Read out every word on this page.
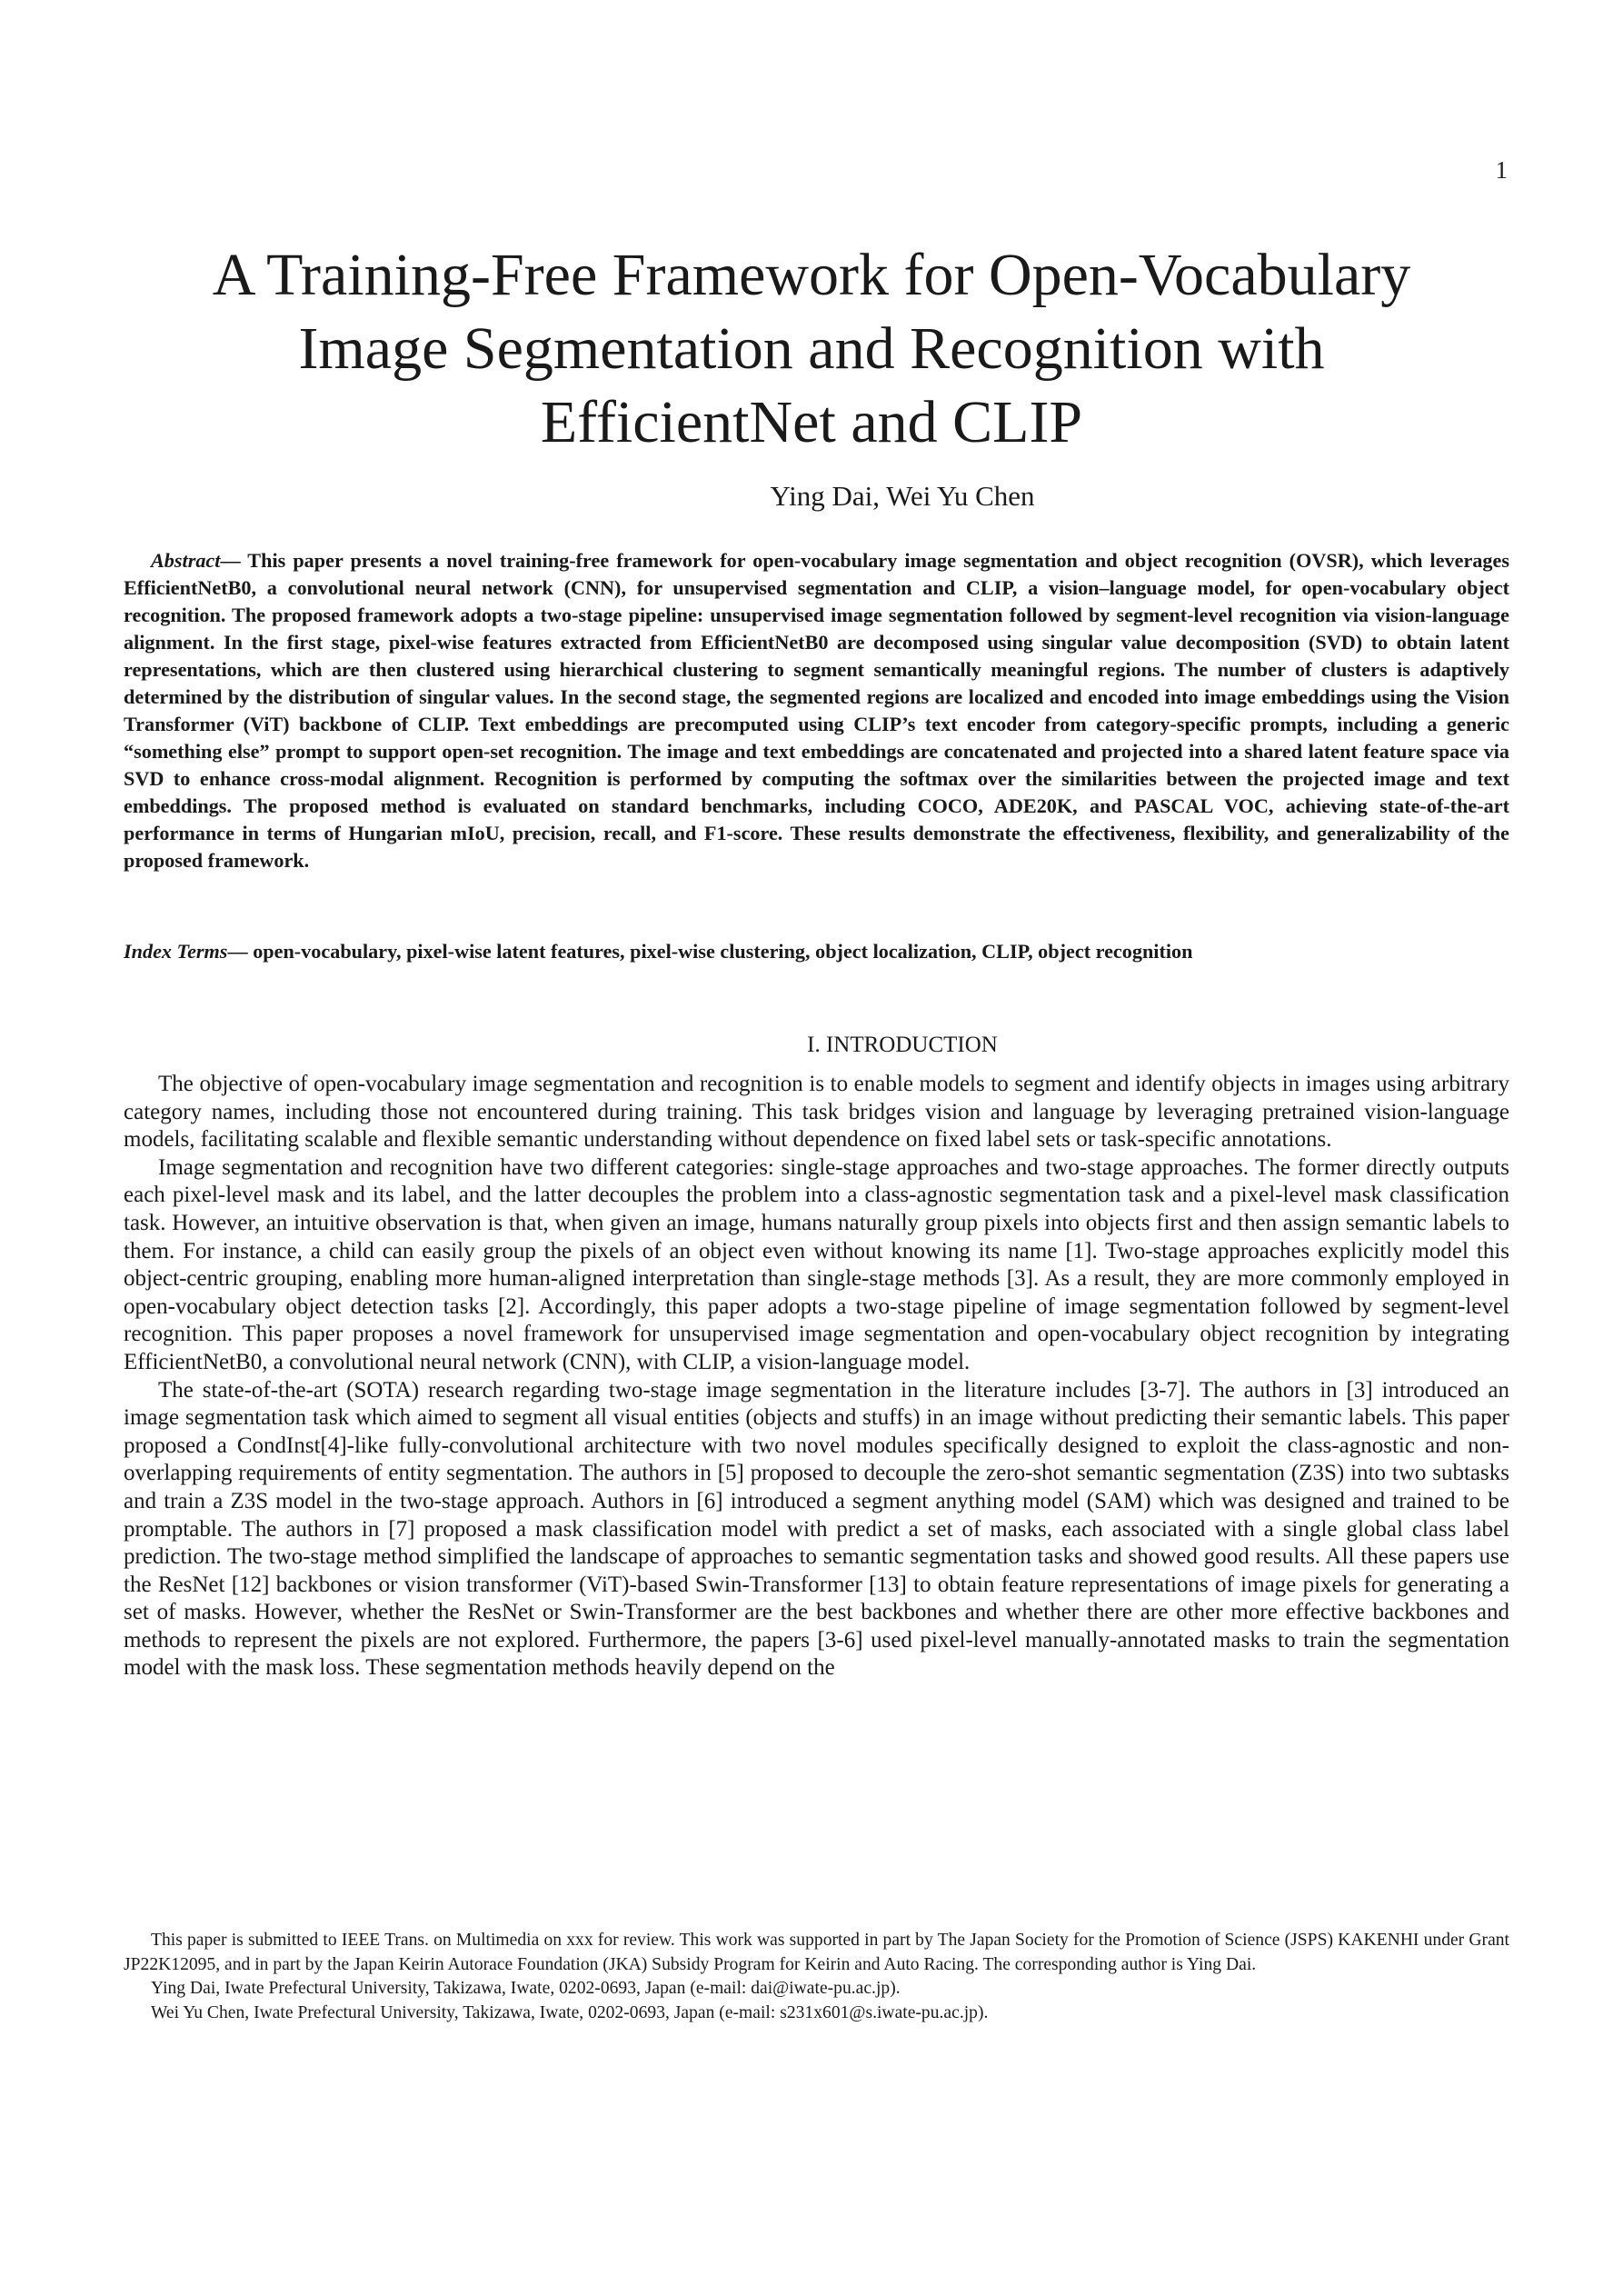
1
A Training-Free Framework for Open-Vocabulary
Image Segmentation and Recognition with
EfficientNet and CLIP
Ying Dai, Wei Yu Chen

Abstract— This paper presents a novel training-free framework for open-vocabulary image segmentation and object recognition (OVSR), which leverages EfficientNetB0, a convolutional neural network (CNN), for unsupervised segmentation and CLIP, a vision–language model, for open-vocabulary object recognition. The proposed framework adopts a two-stage pipeline: unsupervised image segmentation followed by segment-level recognition via vision-language alignment. In the first stage, pixel-wise features extracted from EfficientNetB0 are decomposed using singular value decomposition (SVD) to obtain latent representations, which are then clustered using hierarchical clustering to segment semantically meaningful regions. The number of clusters is adaptively determined by the distribution of singular values. In the second stage, the segmented regions are localized and encoded into image embeddings using the Vision Transformer (ViT) backbone of CLIP. Text embeddings are precomputed using CLIP’s text encoder from category-specific prompts, including a generic “something else” prompt to support open-set recognition. The image and text embeddings are concatenated and projected into a shared latent feature space via SVD to enhance cross-modal alignment. Recognition is performed by computing the softmax over the similarities between the projected image and text embeddings. The proposed method is evaluated on standard benchmarks, including COCO, ADE20K, and PASCAL VOC, achieving state-of-the-art performance in terms of Hungarian mIoU, precision, recall, and F1-score. These results demonstrate the effectiveness, flexibility, and generalizability of the proposed framework.

Index Terms— open-vocabulary, pixel-wise latent features, pixel-wise clustering, object localization, CLIP, object recognition

I. INTRODUCTION

The objective of open-vocabulary image segmentation and recognition is to enable models to segment and identify objects in images using arbitrary category names, including those not encountered during training. This task bridges vision and language by leveraging pretrained vision-language models, facilitating scalable and flexible semantic understanding without dependence on fixed label sets or task-specific annotations.

Image segmentation and recognition have two different categories: single-stage approaches and two-stage approaches. The former directly outputs each pixel-level mask and its label, and the latter decouples the problem into a class-agnostic segmentation task and a pixel-level mask classification task. However, an intuitive observation is that, when given an image, humans naturally group pixels into objects first and then assign semantic labels to them. For instance, a child can easily group the pixels of an object even without knowing its name [1]. Two-stage approaches explicitly model this object-centric grouping, enabling more human-aligned interpretation than single-stage methods [3]. As a result, they are more commonly employed in open-vocabulary object detection tasks [2]. Accordingly, this paper adopts a two-stage pipeline of image segmentation followed by segment-level recognition. This paper proposes a novel framework for unsupervised image segmentation and open-vocabulary object recognition by integrating EfficientNetB0, a convolutional neural network (CNN), with CLIP, a vision-language model.

The state-of-the-art (SOTA) research regarding two-stage image segmentation in the literature includes [3-7]. The authors in [3] introduced an image segmentation task which aimed to segment all visual entities (objects and stuffs) in an image without predicting their semantic labels. This paper proposed a CondInst[4]-like fully-convolutional architecture with two novel modules specifically designed to exploit the class-agnostic and non-overlapping requirements of entity segmentation. The authors in [5] proposed to decouple the zero-shot semantic segmentation (Z3S) into two subtasks and train a Z3S model in the two-stage approach. Authors in [6] introduced a segment anything model (SAM) which was designed and trained to be promptable. The authors in [7] proposed a mask classification model with predict a set of masks, each associated with a single global class label prediction. The two-stage method simplified the landscape of approaches to semantic segmentation tasks and showed good results. All these papers use the ResNet [12] backbones or vision transformer (ViT)-based Swin-Transformer [13] to obtain feature representations of image pixels for generating a set of masks. However, whether the ResNet or Swin-Transformer are the best backbones and whether there are other more effective backbones and methods to represent the pixels are not explored. Furthermore, the papers [3-6] used pixel-level manually-annotated masks to train the segmentation model with the mask loss. These segmentation methods heavily depend on the

This paper is submitted to IEEE Trans. on Multimedia on xxx for review. This work was supported in part by The Japan Society for the Promotion of Science (JSPS) KAKENHI under Grant JP22K12095, and in part by the Japan Keirin Autorace Foundation (JKA) Subsidy Program for Keirin and Auto Racing. The corresponding author is Ying Dai.

Ying Dai, Iwate Prefectural University, Takizawa, Iwate, 0202-0693, Japan (e-mail: dai@iwate-pu.ac.jp).

Wei Yu Chen, Iwate Prefectural University, Takizawa, Iwate, 0202-0693, Japan (e-mail: s231x601@s.iwate-pu.ac.jp).
